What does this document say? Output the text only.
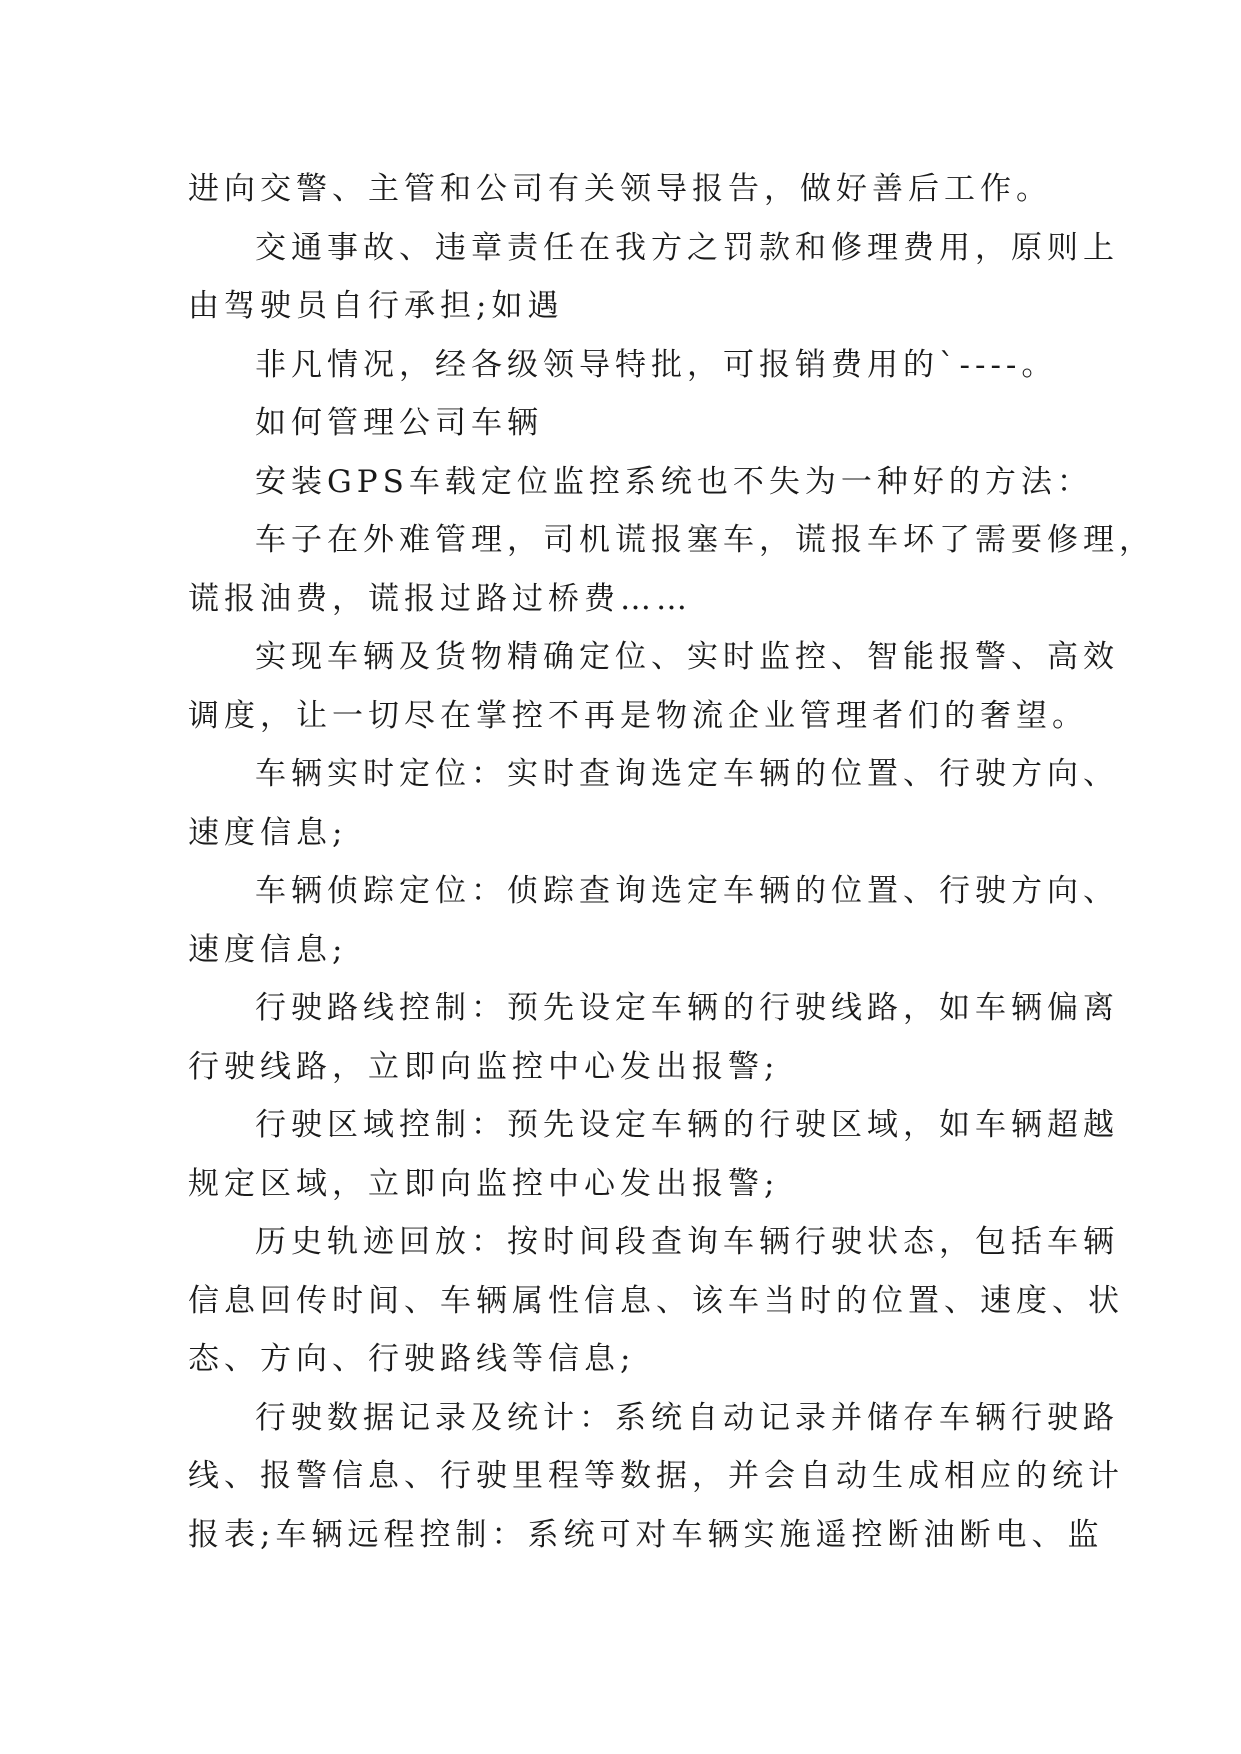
进向交警、主管和公司有关领导报告，做好善后工作。
交通事故、违章责任在我方之罚款和修理费用，原则上
由驾驶员自行承担;如遇
非凡情况，经各级领导特批，可报销费用的`----。
如何管理公司车辆
安装GPS车载定位监控系统也不失为一种好的方法：
车子在外难管理，司机谎报塞车，谎报车坏了需要修理，
谎报油费，谎报过路过桥费……
实现车辆及货物精确定位、实时监控、智能报警、高效
调度，让一切尽在掌控不再是物流企业管理者们的奢望。
车辆实时定位：实时查询选定车辆的位置、行驶方向、
速度信息;
车辆侦踪定位：侦踪查询选定车辆的位置、行驶方向、
速度信息;
行驶路线控制：预先设定车辆的行驶线路，如车辆偏离
行驶线路，立即向监控中心发出报警;
行驶区域控制：预先设定车辆的行驶区域，如车辆超越
规定区域，立即向监控中心发出报警;
历史轨迹回放：按时间段查询车辆行驶状态，包括车辆
信息回传时间、车辆属性信息、该车当时的位置、速度、状
态、方向、行驶路线等信息;
行驶数据记录及统计：系统自动记录并储存车辆行驶路
线、报警信息、行驶里程等数据，并会自动生成相应的统计
报表;车辆远程控制：系统可对车辆实施遥控断油断电、监
